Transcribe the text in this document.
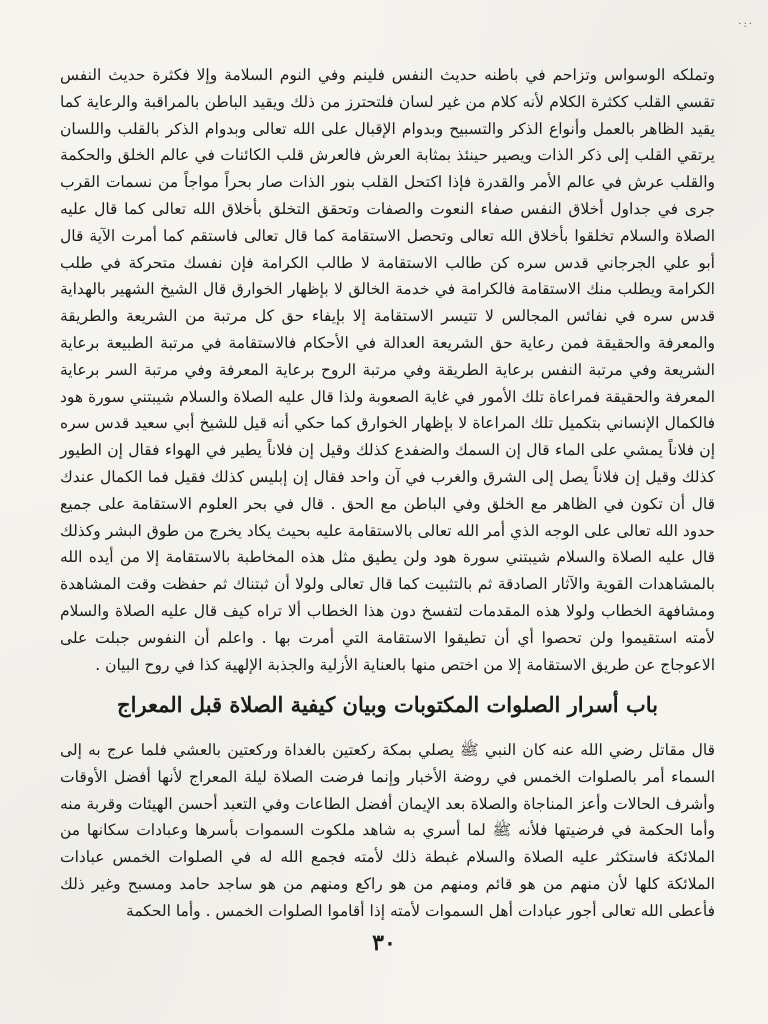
·:·

وتملكه الوسواس وتزاحم في باطنه حديث النفس فلينم وفي النوم السلامة وإلا فكثرة حديث النفس تقسي القلب ككثرة الكلام لأنه كلام من غير لسان فلتحترز من ذلك ويقيد الباطن بالمراقبة والرعاية كما يقيد الظاهر بالعمل وأنواع الذكر والتسبيح وبدوام الإقبال على الله تعالى وبدوام الذكر بالقلب واللسان يرتقي القلب إلى ذكر الذات ويصير حينئذ بمثابة العرش فالعرش قلب الكائنات في عالم الخلق والحكمة والقلب عرش في عالم الأمر والقدرة فإذا اكتحل القلب بنور الذات صار بحراً مواجاً من نسمات القرب جرى في جداول أخلاق النفس صفاء النعوت والصفات وتحقق التخلق بأخلاق الله تعالى كما قال عليه الصلاة والسلام تخلقوا بأخلاق الله تعالى وتحصل الاستقامة كما قال تعالى فاستقم كما أمرت الآية قال أبو علي الجرجاني قدس سره كن طالب الاستقامة لا طالب الكرامة فإن نفسك متحركة في طلب الكرامة ويطلب منك الاستقامة فالكرامة في خدمة الخالق لا بإظهار الخوارق قال الشيخ الشهير بالهداية قدس سره في نفائس المجالس لا تتيسر الاستقامة إلا بإيفاء حق كل مرتبة من الشريعة والطريقة والمعرفة والحقيقة فمن رعاية حق الشريعة العدالة في الأحكام فالاستقامة في مرتبة الطبيعة برعاية الشريعة وفي مرتبة النفس برعاية الطريقة وفي مرتبة الروح برعاية المعرفة وفي مرتبة السر برعاية المعرفة والحقيقة فمراعاة تلك الأمور في غاية الصعوبة ولذا قال عليه الصلاة والسلام شيبتني سورة هود فالكمال الإنساني بتكميل تلك المراعاة لا بإظهار الخوارق كما حكي أنه قيل للشيخ أبي سعيد قدس سره إن فلاناً يمشي على الماء قال إن السمك والضفدع كذلك وقيل إن فلاناً يطير في الهواء فقال إن الطيور كذلك وقيل إن فلاناً يصل إلى الشرق والغرب في آن واحد فقال إن إبليس كذلك فقيل فما الكمال عندك قال أن تكون في الظاهر مع الخلق وفي الباطن مع الحق . قال في بحر العلوم الاستقامة على جميع حدود الله تعالى على الوجه الذي أمر الله تعالى بالاستقامة عليه بحيث يكاد يخرج من طوق البشر وكذلك قال عليه الصلاة والسلام شيبتني سورة هود ولن يطيق مثل هذه المخاطبة بالاستقامة إلا من أيده الله بالمشاهدات القوية والآثار الصادقة ثم بالتثبيت كما قال تعالى ولولا أن ثبتناك ثم حفظت وقت المشاهدة ومشافهة الخطاب ولولا هذه المقدمات لتفسخ دون هذا الخطاب ألا تراه كيف قال عليه الصلاة والسلام لأمته استقيموا ولن تحصوا أي أن تطيقوا الاستقامة التي أمرت بها . واعلم أن النفوس جبلت على الاعوجاج عن طريق الاستقامة إلا من اختص منها بالعناية الأزلية والجذبة الإلهية كذا في روح البيان .

باب أسرار الصلوات المكتوبات وبيان كيفية الصلاة قبل المعراج

قال مقاتل رضي الله عنه كان النبي ﷺ يصلي بمكة ركعتين بالغداة وركعتين بالعشي فلما عرج به إلى السماء أمر بالصلوات الخمس في روضة الأخبار وإنما فرضت الصلاة ليلة المعراج لأنها أفضل الأوقات وأشرف الحالات وأعز المناجاة والصلاة بعد الإيمان أفضل الطاعات وفي التعبد أحسن الهيئات وقربة منه وأما الحكمة في فرضيتها فلأنه ﷺ لما أسري به شاهد ملكوت السموات بأسرها وعبادات سكانها من الملائكة فاستكثر عليه الصلاة والسلام غبطة ذلك لأمته فجمع الله له في الصلوات الخمس عبادات الملائكة كلها لأن منهم من هو قائم ومنهم من هو راكع ومنهم من هو ساجد حامد ومسبح وغير ذلك فأعطى الله تعالى أجور عبادات أهل السموات لأمته إذا أقاموا الصلوات الخمس . وأما الحكمة

٣٠
